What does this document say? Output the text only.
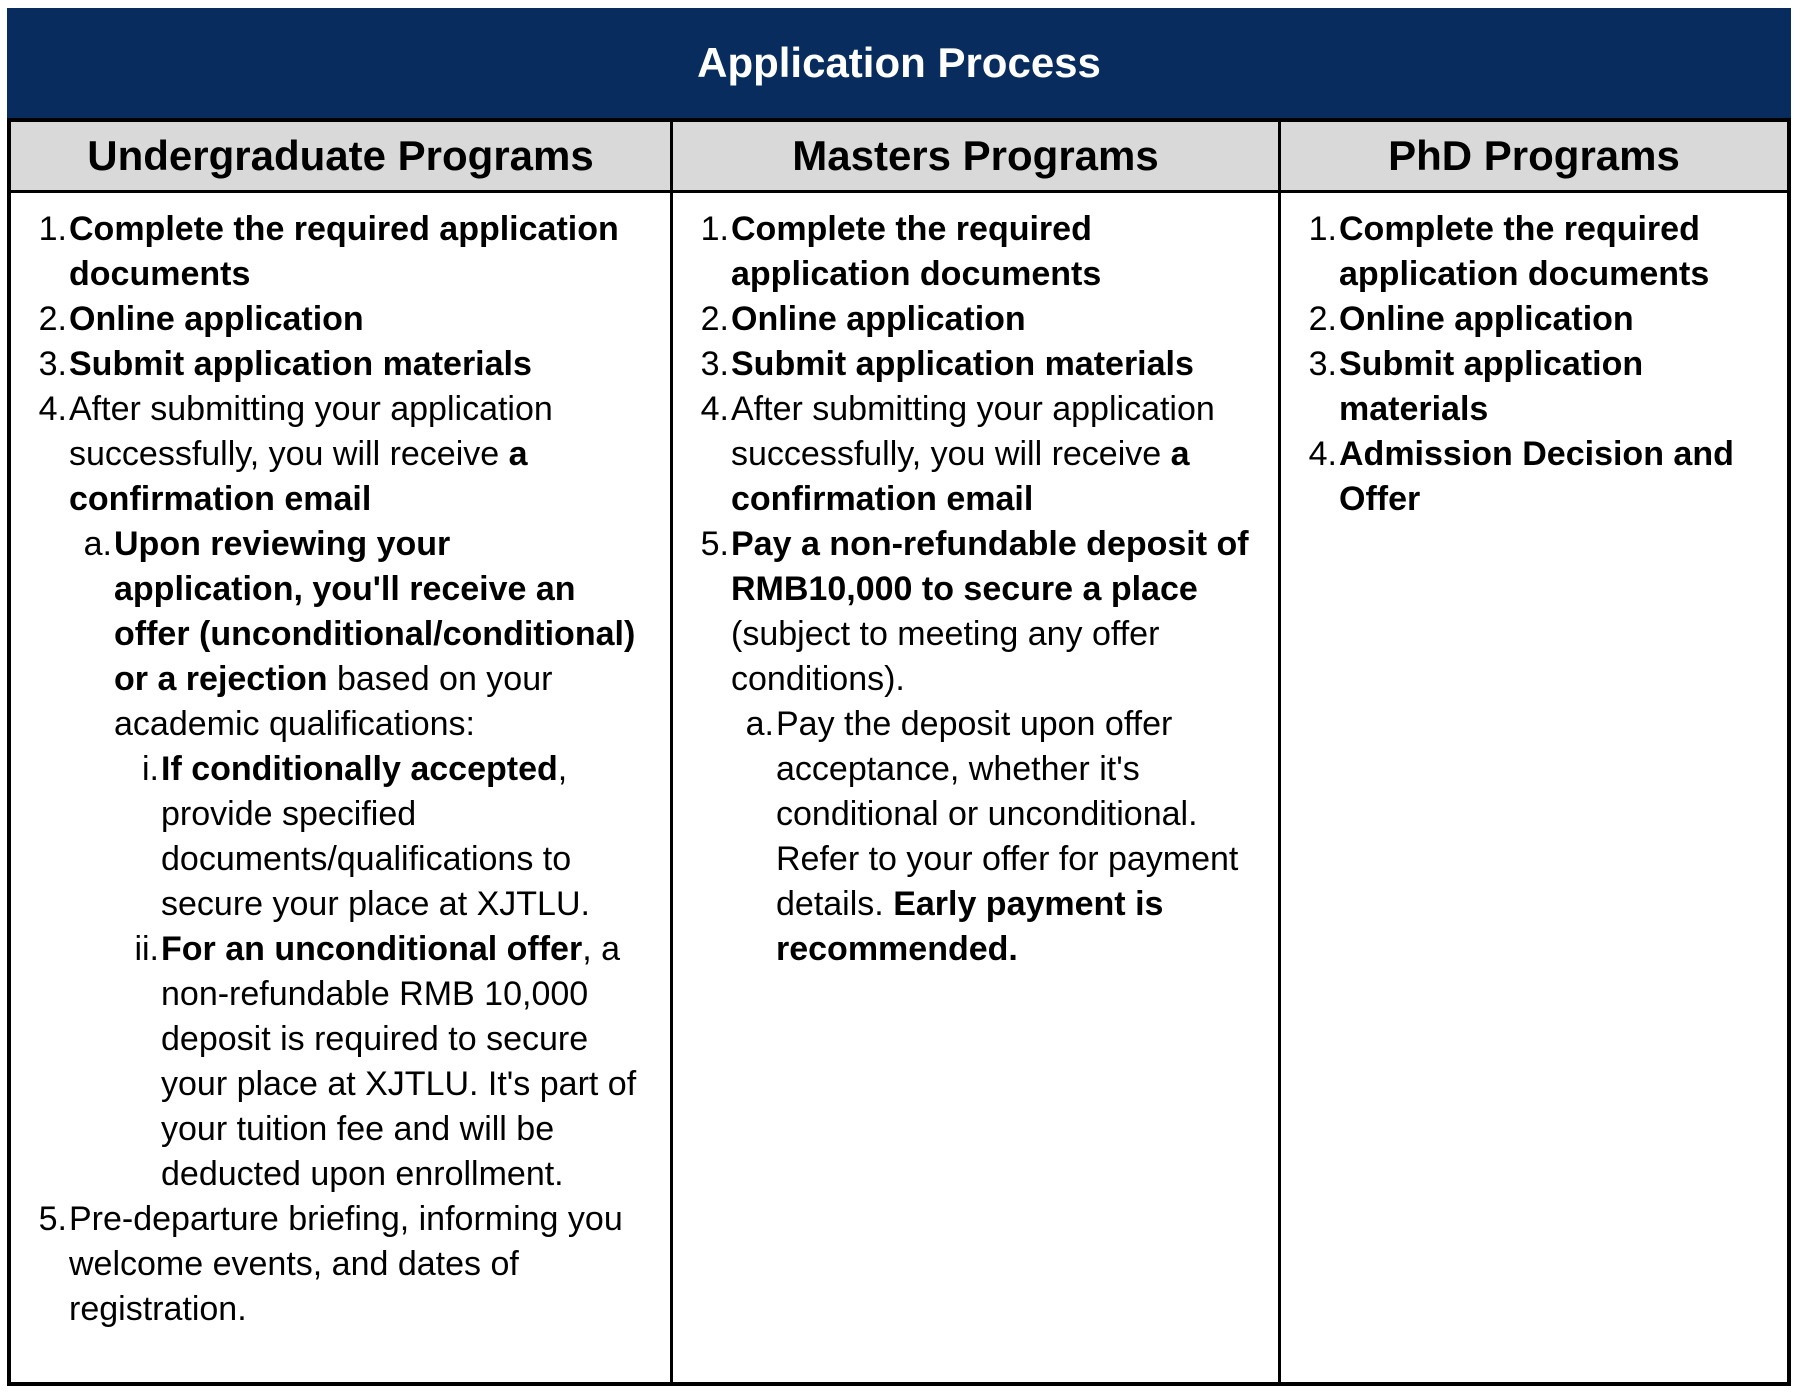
Application Process
Undergraduate Programs	Masters Programs	PhD Programs
Complete the required application documents
Online application
Submit application materials
After submitting your application successfully, you will receive a confirmation email
Upon reviewing your application, you'll receive an offer (unconditional/conditional) or a rejection based on your academic qualifications:
If conditionally accepted, provide specified documents/qualifications to secure your place at XJTLU.
For an unconditional offer, a non-refundable RMB 10,000 deposit is required to secure your place at XJTLU. It's part of your tuition fee and will be deducted upon enrollment.
Pre-departure briefing, informing you welcome events, and dates of registration.
Complete the required application documents
Online application
Submit application materials
After submitting your application successfully, you will receive a confirmation email
Pay a non-refundable deposit of RMB10,000 to secure a place (subject to meeting any offer conditions).
Pay the deposit upon offer acceptance, whether it's conditional or unconditional. Refer to your offer for payment details. Early payment is recommended.
Complete the required application documents
Online application
Submit application materials
Admission Decision and Offer
